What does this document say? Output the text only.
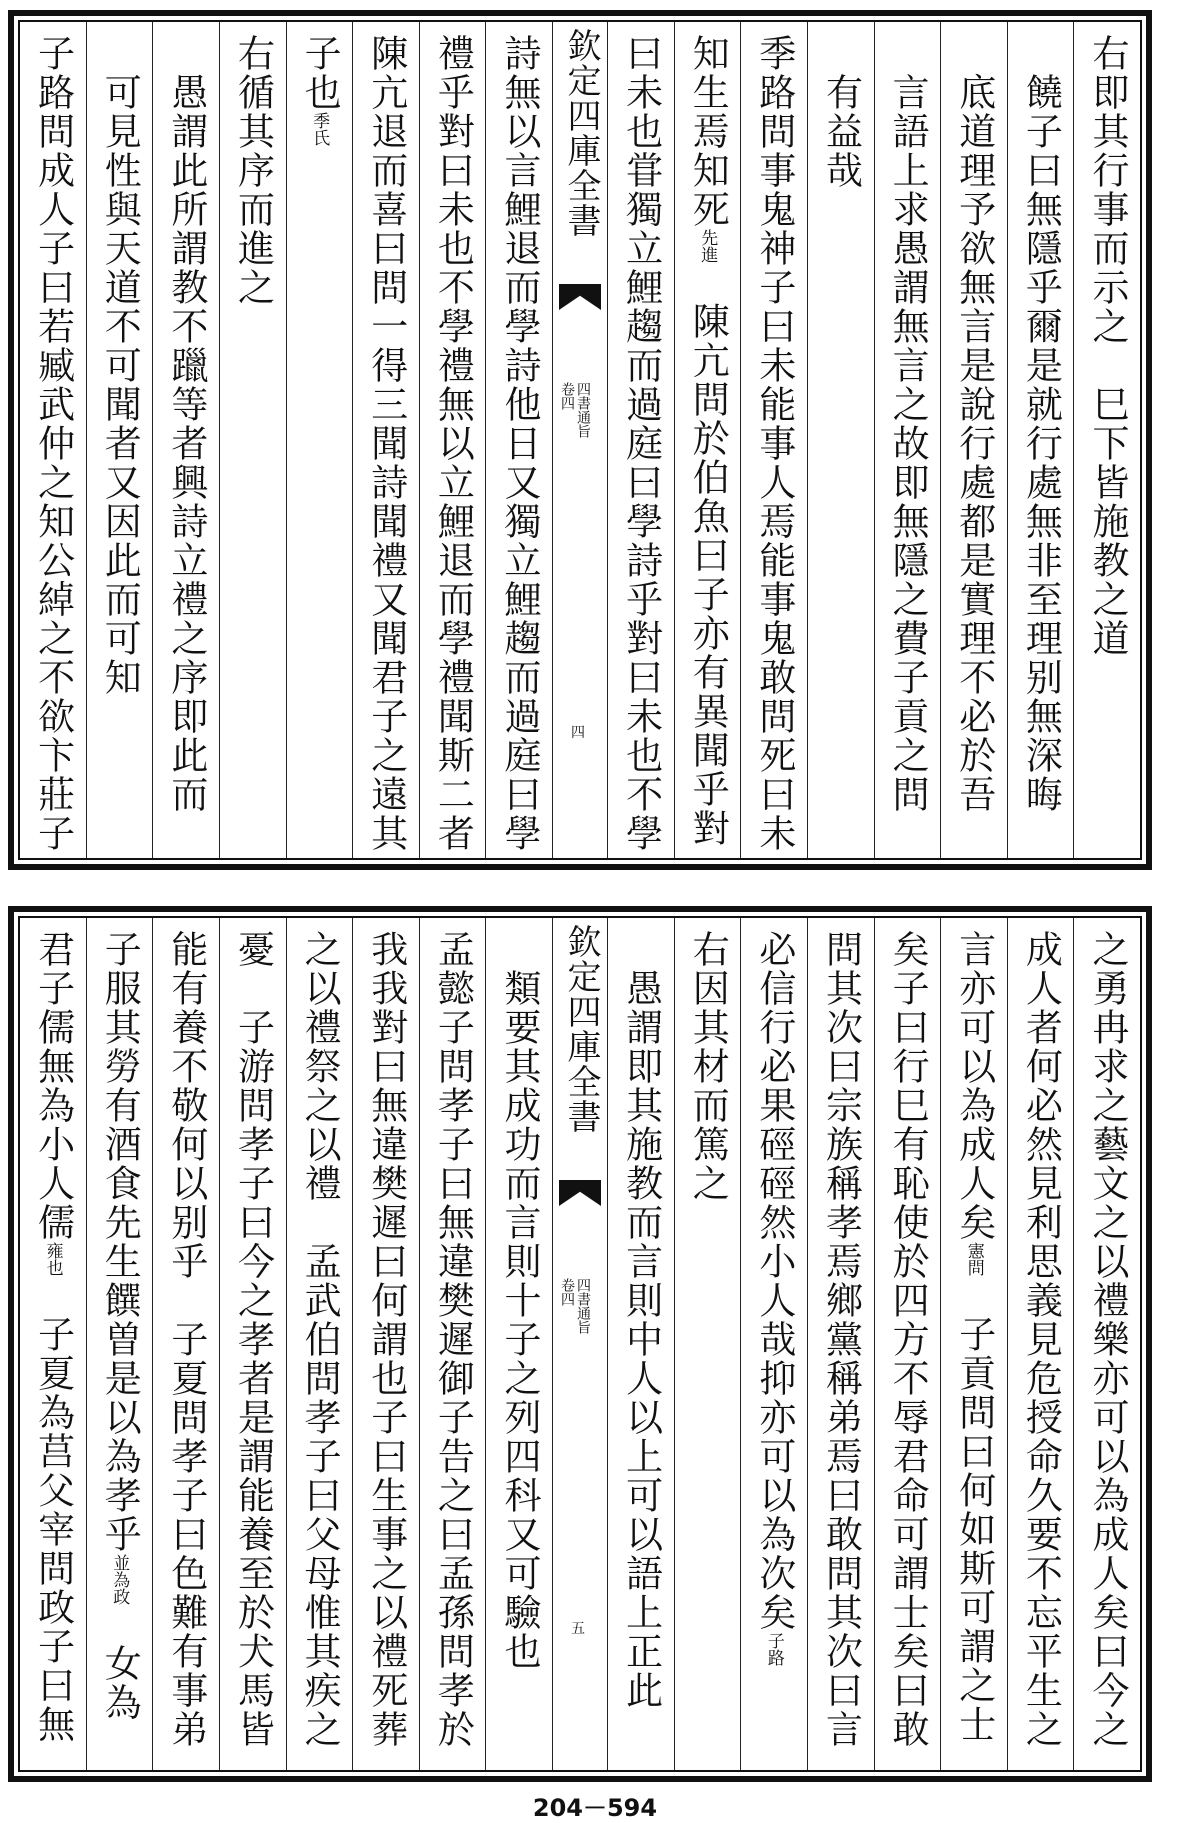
右即其行事而示之　巳下皆施教之道
　饒子曰無隱乎爾是就行處無非至理别無深晦
　底道理予欲無言是說行處都是實理不必於吾
　言語上求愚謂無言之故即無隱之費子貢之問
　有益哉
季路問事鬼神子曰未能事人焉能事鬼敢問死曰未
知生焉知死先進　陳亢問於伯魚曰子亦有異聞乎對
曰未也甞獨立鯉趨而過庭曰學詩乎對曰未也不學
欽定四庫全書
四書通旨
卷四
四
詩無以言鯉退而學詩他日又獨立鯉趨而過庭曰學
禮乎對曰未也不學禮無以立鯉退而學禮聞斯二者
陳亢退而喜曰問一得三聞詩聞禮又聞君子之遠其
子也季氏
右循其序而進之
　愚謂此所謂教不躐等者興詩立禮之序即此而
　可見性與天道不可聞者又因此而可知
子路問成人子曰若臧武仲之知公綽之不欲卞莊子
之勇冉求之藝文之以禮樂亦可以為成人矣曰今之
成人者何必然見利思義見危授命久要不忘平生之
言亦可以為成人矣憲問　子貢問曰何如斯可謂之士
矣子曰行巳有恥使於四方不辱君命可謂士矣曰敢
問其次曰宗族稱孝焉鄉黨稱弟焉曰敢問其次曰言
必信行必果硜硜然小人哉抑亦可以為次矣子路
右因其材而篤之
　愚謂即其施教而言則中人以上可以語上正此
欽定四庫全書
四書通旨
卷四
五
　類要其成功而言則十子之列四科又可驗也
孟懿子問孝子曰無違樊遲御子告之曰孟孫問孝於
我我對曰無違樊遲曰何謂也子曰生事之以禮死葬
之以禮祭之以禮　孟武伯問孝子曰父母惟其疾之
憂　子游問孝子曰今之孝者是謂能養至於犬馬皆
能有養不敬何以别乎　子夏問孝子曰色難有事弟
子服其勞有酒食先生饌曽是以為孝乎並為政　女為
君子儒無為小人儒雍也　子夏為莒父宰問政子曰無
204－594
